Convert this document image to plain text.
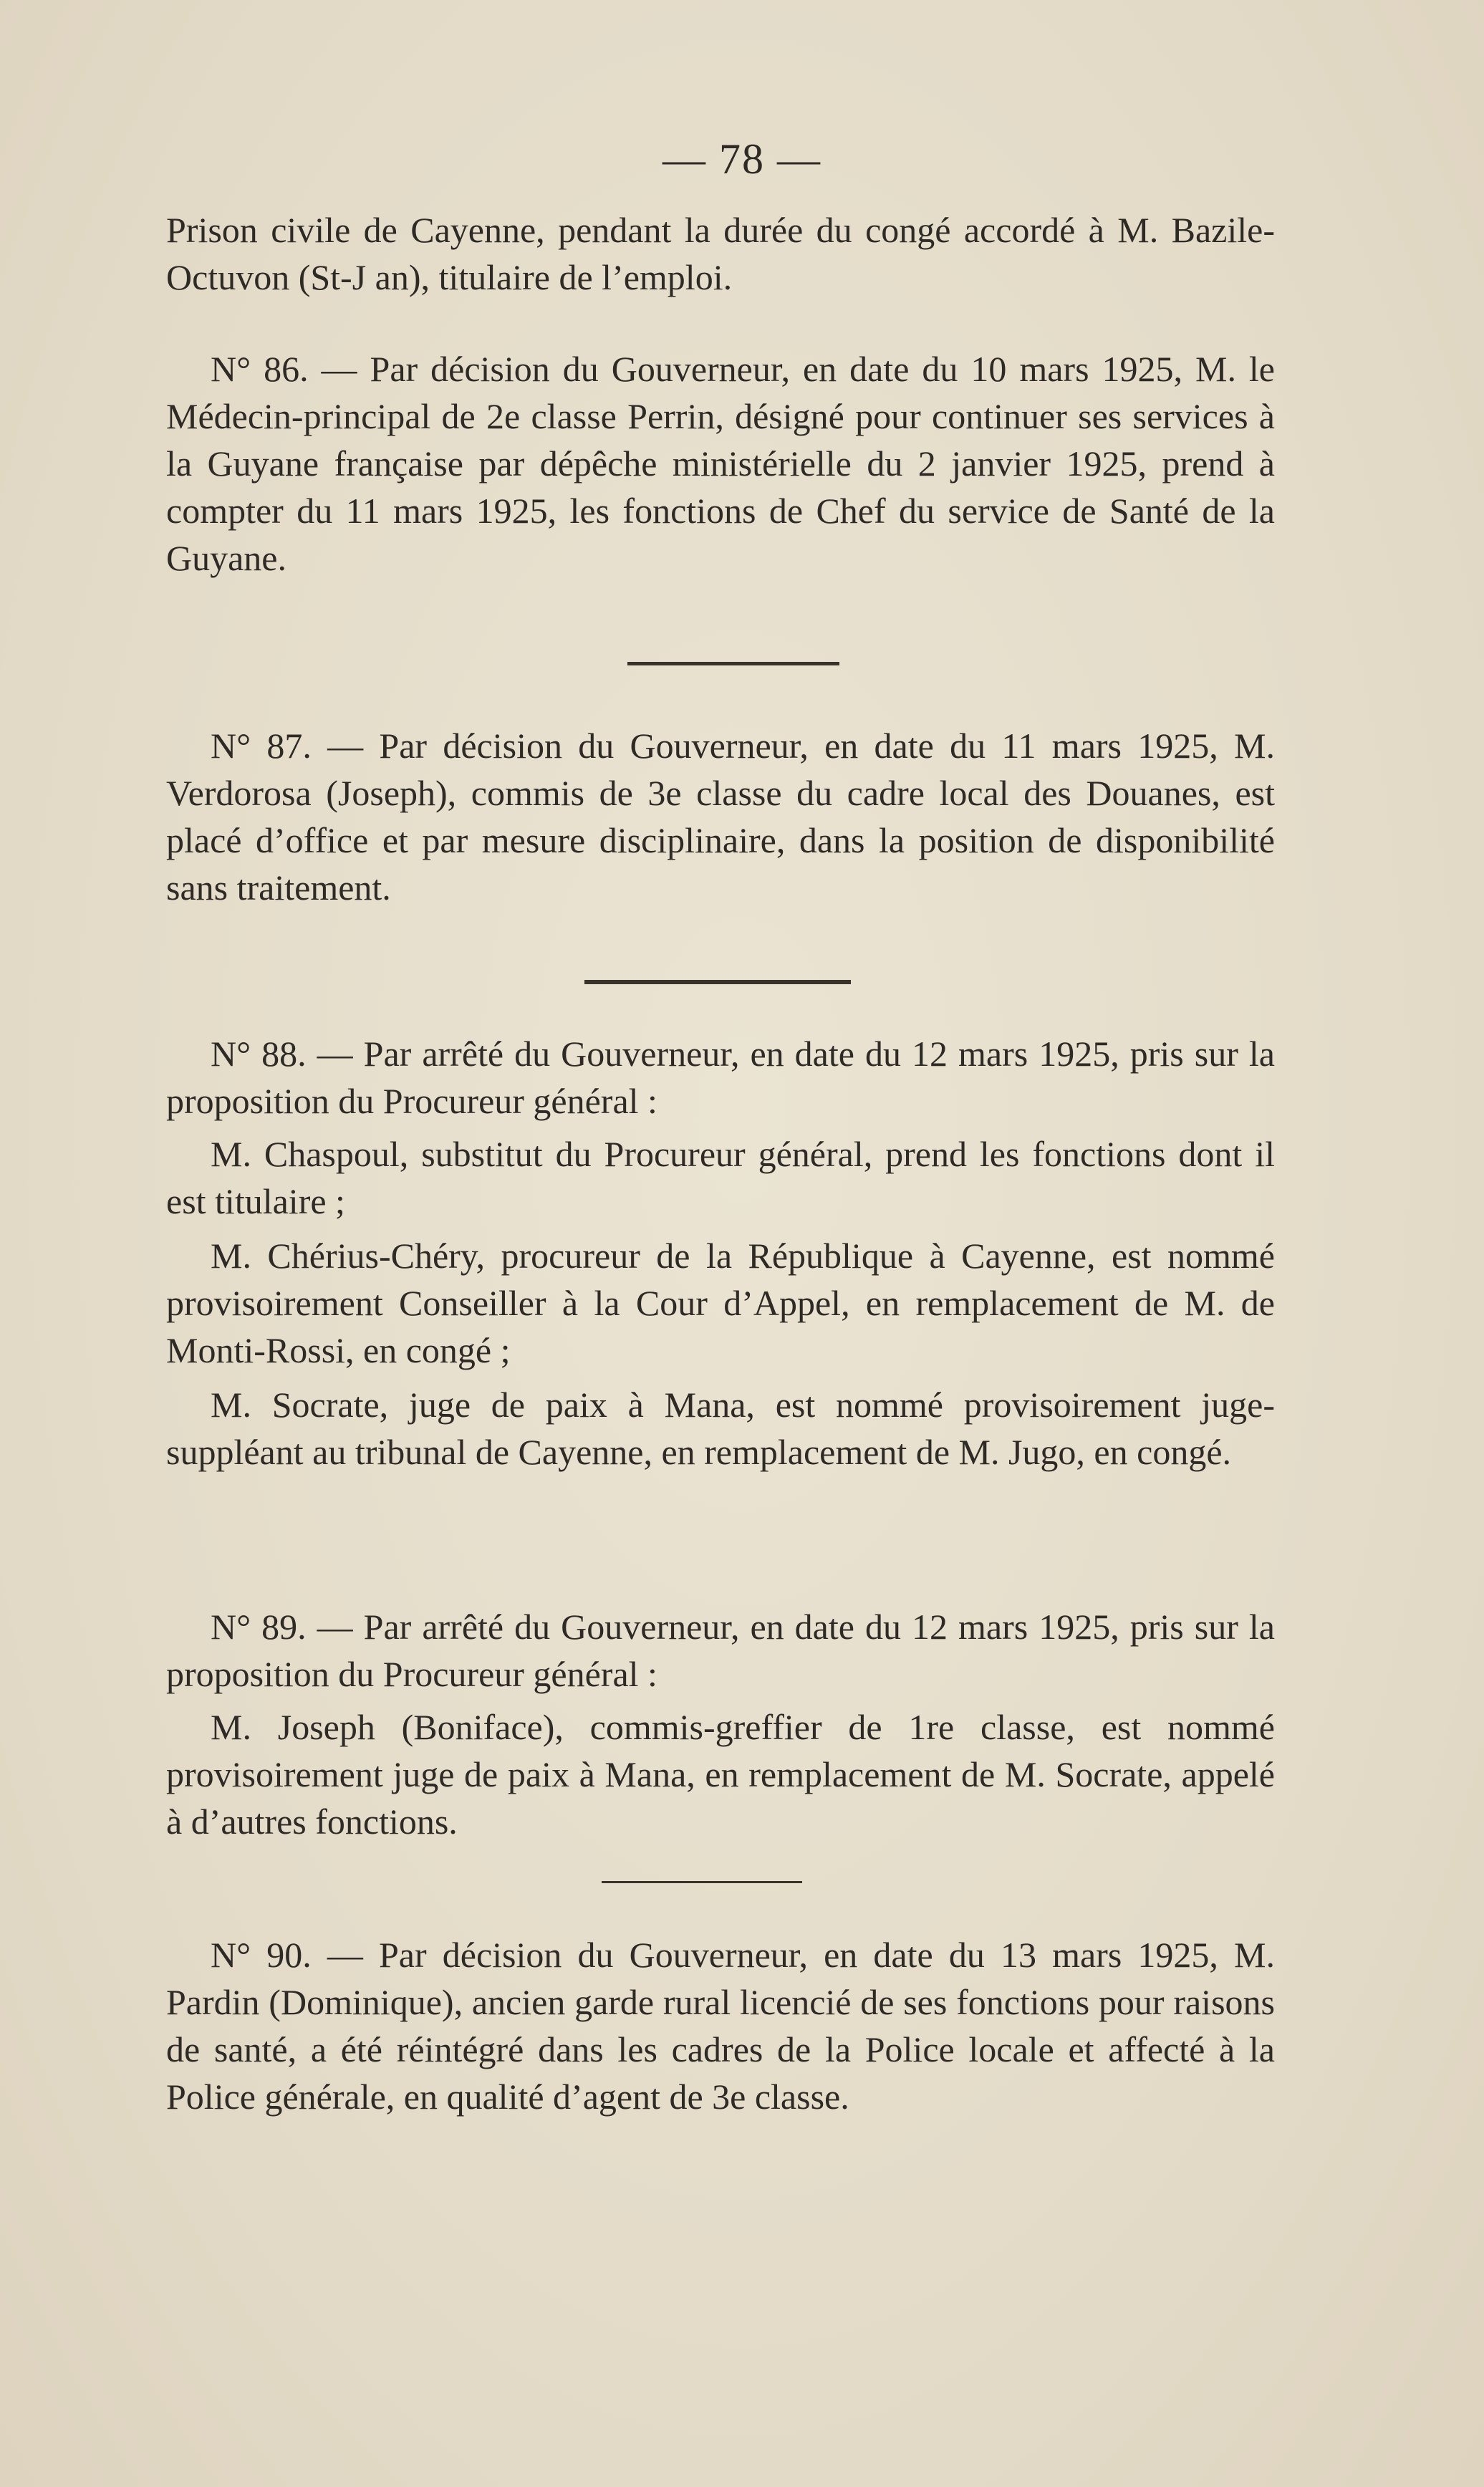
— 78 —

Prison civile de Cayenne, pendant la durée du congé accordé à M. Bazile-Octuvon (St-J an), titulaire de l’emploi.

N° 86. — Par décision du Gouverneur, en date du 10 mars 1925, M. le Médecin-principal de 2e classe Perrin, désigné pour continuer ses services à la Guyane française par dépêche ministérielle du 2 janvier 1925, prend à compter du 11 mars 1925, les fonctions de Chef du service de Santé de la Guyane.

N° 87. — Par décision du Gouverneur, en date du 11 mars 1925, M. Verdorosa (Joseph), commis de 3e classe du cadre local des Douanes, est placé d’office et par mesure disciplinaire, dans la position de disponibilité sans traitement.

N° 88. — Par arrêté du Gouverneur, en date du 12 mars 1925, pris sur la proposition du Procureur général :

M. Chaspoul, substitut du Procureur général, prend les fonctions dont il est titulaire ;

M. Chérius-Chéry, procureur de la République à Cayenne, est nommé provisoirement Conseiller à la Cour d’Appel, en remplacement de M. de Monti-Rossi, en congé ;

M. Socrate, juge de paix à Mana, est nommé provisoirement juge-suppléant au tribunal de Cayenne, en remplacement de M. Jugo, en congé.

N° 89. — Par arrêté du Gouverneur, en date du 12 mars 1925, pris sur la proposition du Procureur général :

M. Joseph (Boniface), commis-greffier de 1re classe, est nommé provisoirement juge de paix à Mana, en remplacement de M. Socrate, appelé à d’autres fonctions.

N° 90. — Par décision du Gouverneur, en date du 13 mars 1925, M. Pardin (Dominique), ancien garde rural licencié de ses fonctions pour raisons de santé, a été réintégré dans les cadres de la Police locale et affecté à la Police générale, en qualité d’agent de 3e classe.
